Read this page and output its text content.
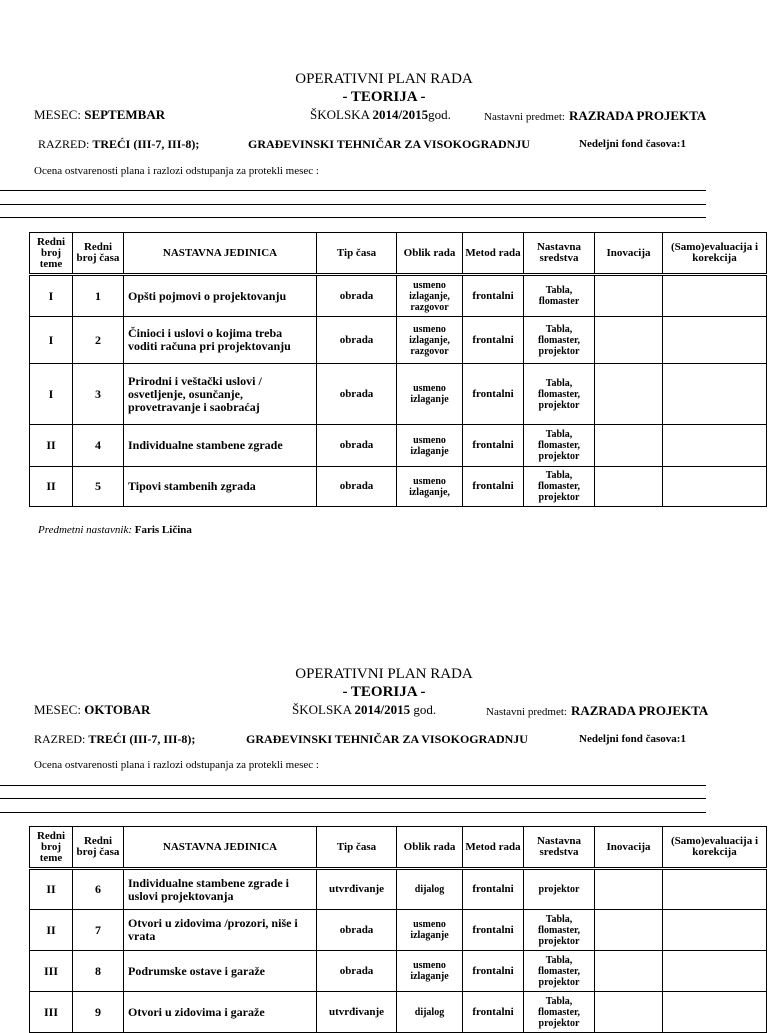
OPERATIVNI PLAN RADA
- TEORIJA -
MESEC: SEPTEMBAR	ŠKOLSKA 2014/2015god.	Nastavni predmet: RAZRADA PROJEKTA
RAZRED: TREĆI (III-7, III-8);	GRAĐEVINSKI TEHNIČAR ZA VISOKOGRADNJU	Nedeljni fond časova:1
Ocena ostvarenosti plana i razlozi odstupanja za protekli mesec :
Redni broj teme	Redni broj časa	NASTAVNA JEDINICA	Tip časa	Oblik rada	Metod rada	Nastavna sredstva	Inovacija	(Samo)evaluacija i korekcija
I	1	Opšti pojmovi o projektovanju	obrada	usmeno izlaganje, razgovor	frontalni	Tabla, flomaster		
I	2	Činioci i uslovi o kojima treba voditi računa pri projektovanju	obrada	usmeno izlaganje, razgovor	frontalni	Tabla, flomaster, projektor		
I	3	Prirodni i veštački uslovi / osvetljenje, osunčanje, provetravanje i saobraćaj	obrada	usmeno izlaganje	frontalni	Tabla, flomaster, projektor		
II	4	Individualne stambene zgrade	obrada	usmeno izlaganje	frontalni	Tabla, flomaster, projektor		
II	5	Tipovi stambenih zgrada	obrada	usmeno izlaganje,	frontalni	Tabla, flomaster, projektor		
Predmetni nastavnik: Faris Ličina
OPERATIVNI PLAN RADA
- TEORIJA -
MESEC: OKTOBAR	ŠKOLSKA 2014/2015 god.	Nastavni predmet: RAZRADA PROJEKTA
RAZRED: TREĆI (III-7, III-8);	GRAĐEVINSKI TEHNIČAR ZA VISOKOGRADNJU	Nedeljni fond časova:1
Ocena ostvarenosti plana i razlozi odstupanja za protekli mesec :
Redni broj teme	Redni broj časa	NASTAVNA JEDINICA	Tip časa	Oblik rada	Metod rada	Nastavna sredstva	Inovacija	(Samo)evaluacija i korekcija
II	6	Individualne stambene zgrade i uslovi projektovanja	utvrđivanje	dijalog	frontalni	projektor		
II	7	Otvori u zidovima /prozori, niše i vrata	obrada	usmeno izlaganje	frontalni	Tabla, flomaster, projektor		
III	8	Podrumske ostave i garaže	obrada	usmeno izlaganje	frontalni	Tabla, flomaster, projektor		
III	9	Otvori u zidovima i garaže	utvrđivanje	dijalog	frontalni	Tabla, flomaster, projektor		
